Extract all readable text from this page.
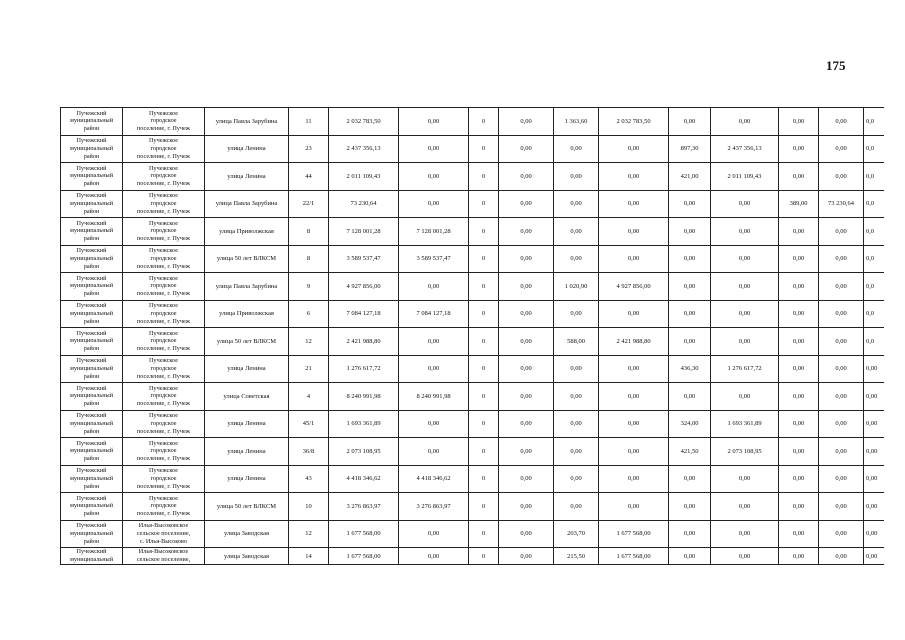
175
Пучежский
муниципальный
район	Пучежское
городское
поселение, г. Пучеж	улица Павла Зарубина	11	2 032 783,50	0,00	0	0,00	1 363,60	2 032 783,50	0,00	0,00	0,00	0,00	0,0

Пучежский
муниципальный
район	Пучежское
городское
поселение, г. Пучеж	улица Ленина	23	2 437 356,13	0,00	0	0,00	0,00	0,00	897,30	2 437 356,13	0,00	0,00	0,0

Пучежский
муниципальный
район	Пучежское
городское
поселение, г. Пучеж	улица Ленина	44	2 011 109,43	0,00	0	0,00	0,00	0,00	421,00	2 011 109,43	0,00	0,00	0,0

Пучежский
муниципальный
район	Пучежское
городское
поселение, г. Пучеж	улица Павла Зарубина	22/1	73 230,64	0,00	0	0,00	0,00	0,00	0,00	0,00	389,00	73 230,64	0,0

Пучежский
муниципальный
район	Пучежское
городское
поселение, г. Пучеж	улица Приволжская	8	7 128 001,28	7 128 001,28	0	0,00	0,00	0,00	0,00	0,00	0,00	0,00	0,0

Пучежский
муниципальный
район	Пучежское
городское
поселение, г. Пучеж	улица 50 лет ВЛКСМ	8	3 589 537,47	3 589 537,47	0	0,00	0,00	0,00	0,00	0,00	0,00	0,00	0,0

Пучежский
муниципальный
район	Пучежское
городское
поселение, г. Пучеж	улица Павла Зарубина	9	4 927 856,00	0,00	0	0,00	1 020,90	4 927 856,00	0,00	0,00	0,00	0,00	0,0

Пучежский
муниципальный
район	Пучежское
городское
поселение, г. Пучеж	улица Приволжская	6	7 084 127,18	7 084 127,18	0	0,00	0,00	0,00	0,00	0,00	0,00	0,00	0,0

Пучежский
муниципальный
район	Пучежское
городское
поселение, г. Пучеж	улица 50 лет ВЛКСМ	12	2 421 988,80	0,00	0	0,00	588,00	2 421 988,80	0,00	0,00	0,00	0,00	0,0

Пучежский
муниципальный
район	Пучежское
городское
поселение, г. Пучеж	улица Ленина	21	1 276 617,72	0,00	0	0,00	0,00	0,00	436,30	1 276 617,72	0,00	0,00	0,00

Пучежский
муниципальный
район	Пучежское
городское
поселение, г. Пучеж	улица Советская	4	8 240 991,98	8 240 991,98	0	0,00	0,00	0,00	0,00	0,00	0,00	0,00	0,00

Пучежский
муниципальный
район	Пучежское
городское
поселение, г. Пучеж	улица Ленина	45/1	1 693 361,89	0,00	0	0,00	0,00	0,00	324,00	1 693 361,89	0,00	0,00	0,00

Пучежский
муниципальный
район	Пучежское
городское
поселение, г. Пучеж	улица Ленина	36/8	2 073 108,95	0,00	0	0,00	0,00	0,00	421,50	2 073 108,95	0,00	0,00	0,00

Пучежский
муниципальный
район	Пучежское
городское
поселение, г. Пучеж	улица Ленина	43	4 418 346,62	4 418 346,62	0	0,00	0,00	0,00	0,00	0,00	0,00	0,00	0,00

Пучежский
муниципальный
район	Пучежское
городское
поселение, г. Пучеж	улица 50 лет ВЛКСМ	10	3 276 863,97	3 276 863,97	0	0,00	0,00	0,00	0,00	0,00	0,00	0,00	0,00

Пучежский
муниципальный
район	Илья-Высоковское
сельское поселение,
с. Илья-Высоково	улица Заводская	12	1 677 568,00	0,00	0	0,00	203,70	1 677 568,00	0,00	0,00	0,00	0,00	0,00

Пучежский
муниципальный	Илья-Высоковское
сельское поселение,	улица Заводская	14	1 677 568,00	0,00	0	0,00	215,50	1 677 568,00	0,00	0,00	0,00	0,00	0,00
